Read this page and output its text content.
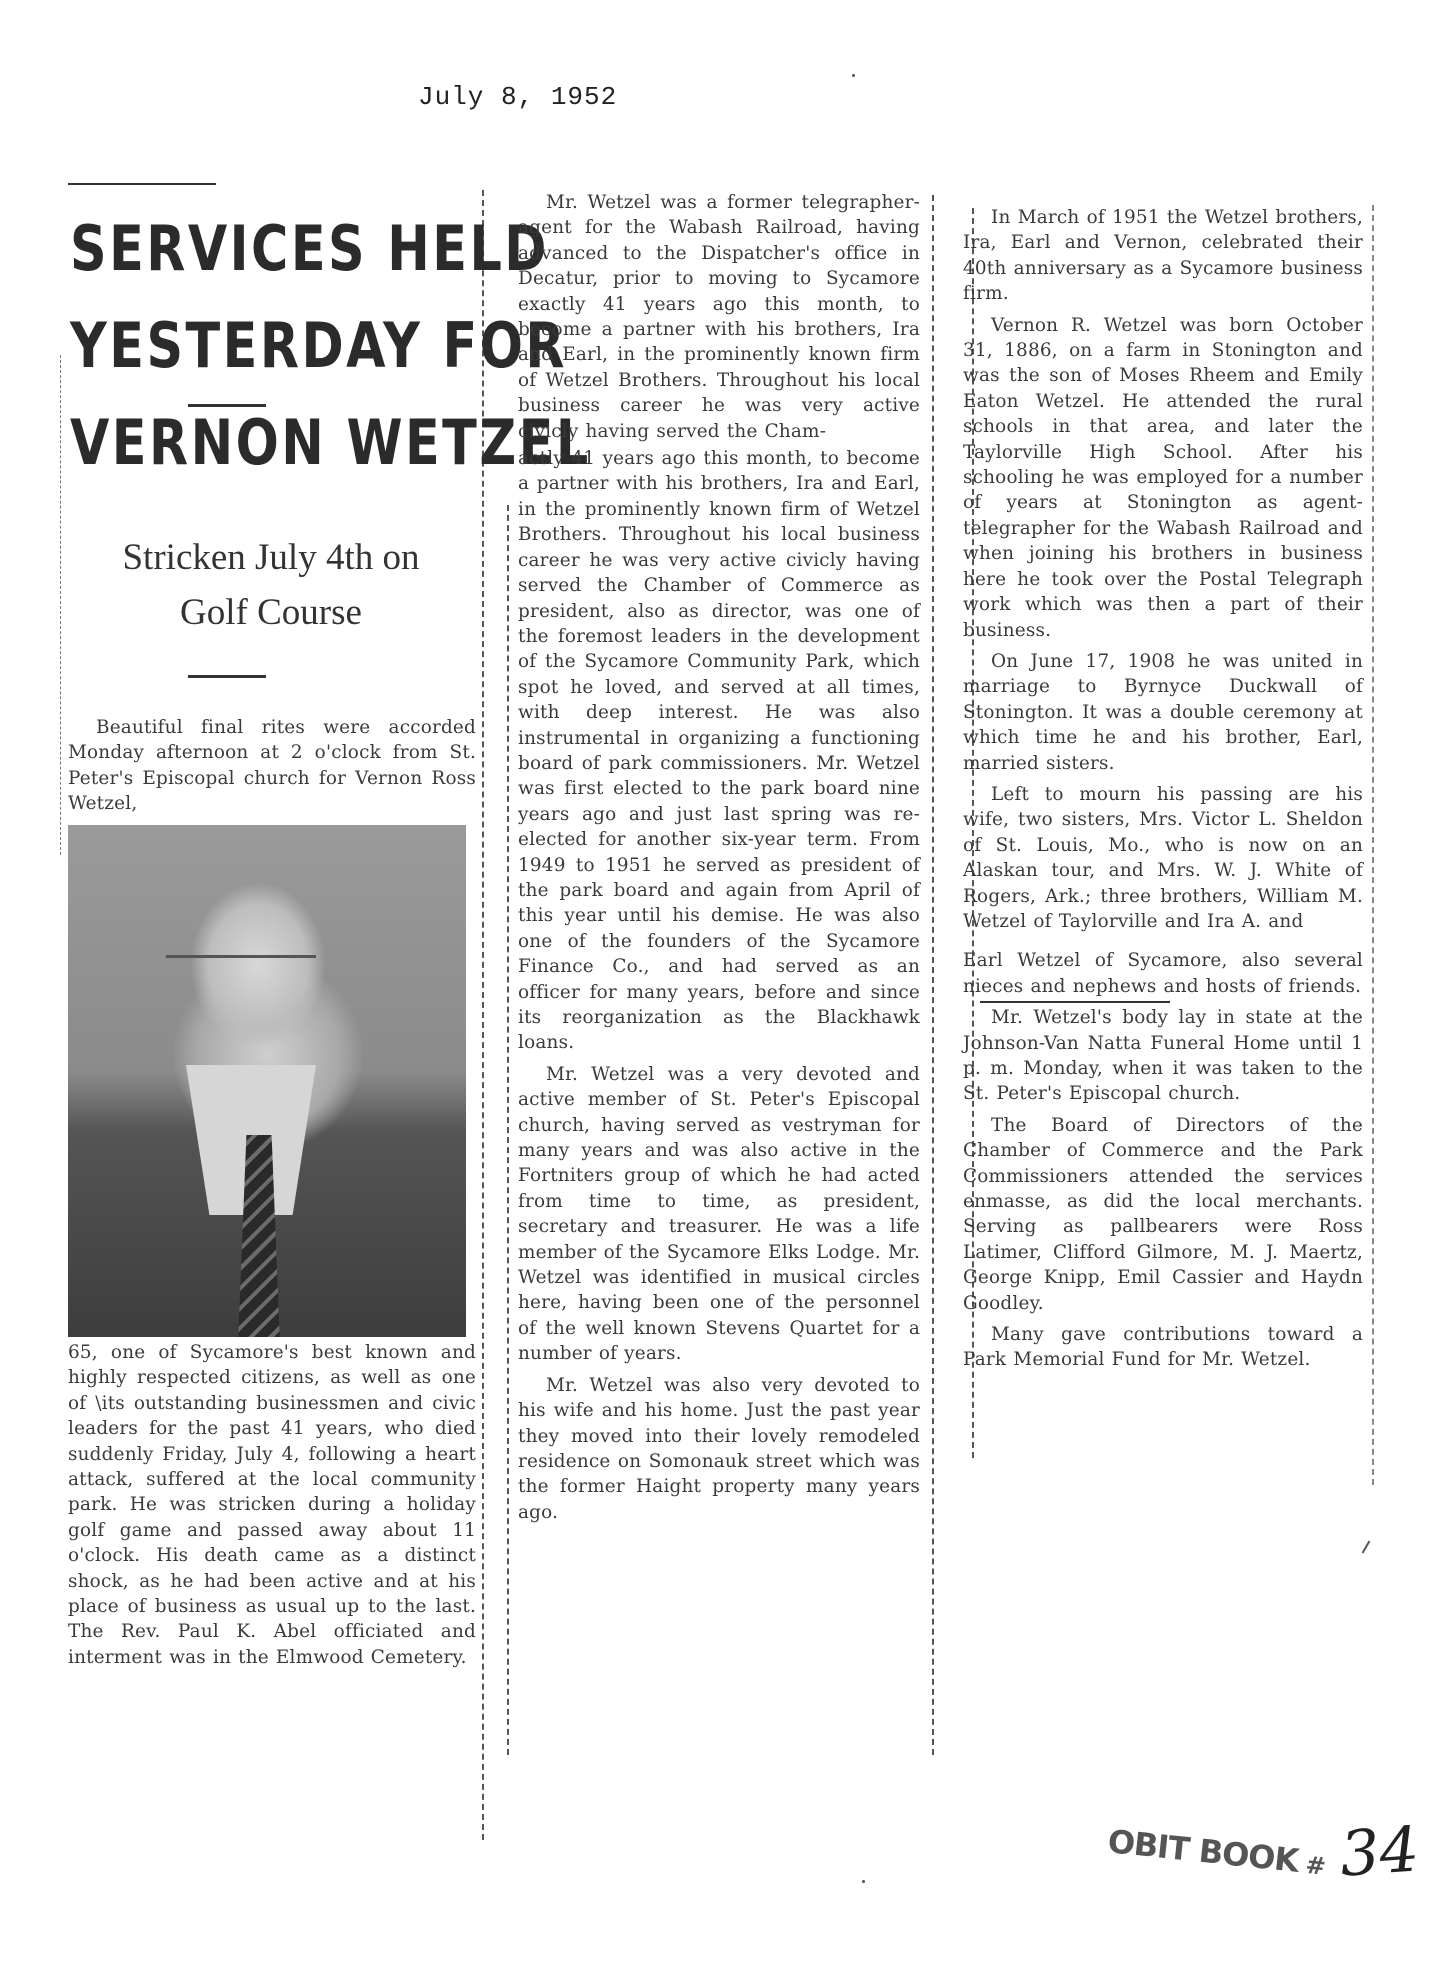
July 8, 1952
SERVICES HELD
YESTERDAY FOR
VERNON WETZEL
Stricken July 4th on
Golf Course

Beautiful final rites were accorded Monday afternoon at 2 o'clock from St. Peter's Episcopal church for Vernon Ross Wetzel,

65, one of Sycamore's best known and highly respected citizens, as well as one of \its outstanding businessmen and civic leaders for the past 41 years, who died suddenly Friday, July 4, following a heart attack, suffered at the local community park. He was stricken during a holiday golf game and passed away about 11 o'clock. His death came as a distinct shock, as he had been active and at his place of business as usual up to the last. The Rev. Paul K. Abel officiated and interment was in the Elmwood Cemetery.

Mr. Wetzel was a former telegrapher-agent for the Wabash Railroad, having advanced to the Dispatcher's office in Decatur, prior to moving to Sycamore exactly 41 years ago this month, to become a partner with his brothers, Ira and Earl, in the prominently known firm of Wetzel Brothers. Throughout his local business career he was very active civicly having served the Cham-

actly 41 years ago this month, to become a partner with his brothers, Ira and Earl, in the prominently known firm of Wetzel Brothers. Throughout his local business career he was very active civicly having served the Chamber of Commerce as president, also as director, was one of the foremost leaders in the development of the Sycamore Community Park, which spot he loved, and served at all times, with deep interest. He was also instrumental in organizing a functioning board of park commissioners. Mr. Wetzel was first elected to the park board nine years ago and just last spring was re-elected for another six-year term. From 1949 to 1951 he served as president of the park board and again from April of this year until his demise. He was also one of the founders of the Sycamore Finance Co., and had served as an officer for many years, before and since its reorganization as the Blackhawk loans.

Mr. Wetzel was a very devoted and active member of St. Peter's Episcopal church, having served as vestryman for many years and was also active in the Fortniters group of which he had acted from time to time, as president, secretary and treasurer. He was a life member of the Sycamore Elks Lodge. Mr. Wetzel was identified in musical circles here, having been one of the personnel of the well known Stevens Quartet for a number of years.

Mr. Wetzel was also very devoted to his wife and his home. Just the past year they moved into their lovely remodeled residence on Somonauk street which was the former Haight property many years ago.

In March of 1951 the Wetzel brothers, Ira, Earl and Vernon, celebrated their 40th anniversary as a Sycamore business firm.

Vernon R. Wetzel was born October 31, 1886, on a farm in Stonington and was the son of Moses Rheem and Emily Eaton Wetzel. He attended the rural schools in that area, and later the Taylorville High School. After his schooling he was employed for a number of years at Stonington as agent-telegrapher for the Wabash Railroad and when joining his brothers in business here he took over the Postal Telegraph work which was then a part of their business.

On June 17, 1908 he was united in marriage to Byrnyce Duckwall of Stonington. It was a double ceremony at which time he and his brother, Earl, married sisters.

Left to mourn his passing are his wife, two sisters, Mrs. Victor L. Sheldon of St. Louis, Mo., who is now on an Alaskan tour, and Mrs. W. J. White of Rogers, Ark.; three brothers, William M. Wetzel of Taylorville and Ira A. and

Earl Wetzel of Sycamore, also several nieces and nephews and hosts of friends.

Mr. Wetzel's body lay in state at the Johnson-Van Natta Funeral Home until 1 p. m. Monday, when it was taken to the St. Peter's Episcopal church.

The Board of Directors of the Chamber of Commerce and the Park Commissioners attended the services enmasse, as did the local merchants. Serving as pallbearers were Ross Latimer, Clifford Gilmore, M. J. Maertz, George Knipp, Emil Cassier and Haydn Goodley.

Many gave contributions toward a Park Memorial Fund for Mr. Wetzel.

OBIT BOOK # 34
